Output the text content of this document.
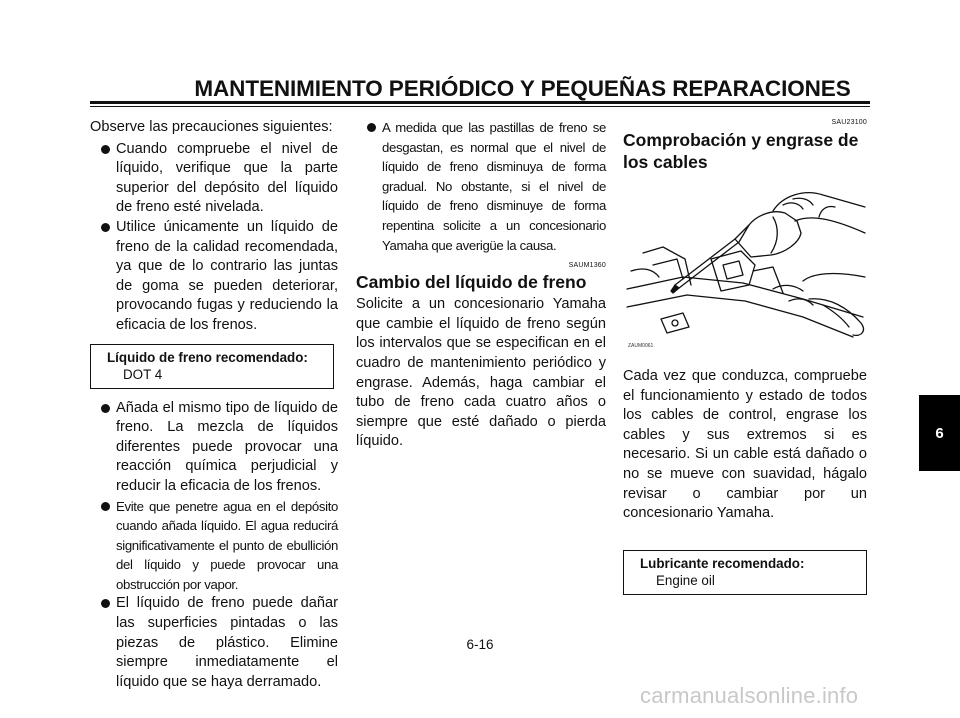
MANTENIMIENTO PERIÓDICO Y PEQUEÑAS REPARACIONES

Observe las precauciones siguientes:

Cuando compruebe el nivel de líquido, verifique que la parte superior del depósito del líquido de freno esté nivelada.

Utilice únicamente un líquido de freno de la calidad recomendada, ya que de lo contrario las juntas de goma se pueden deteriorar, provocando fugas y reduciendo la eficacia de los frenos.

Líquido de freno recomendado:
DOT 4

Añada el mismo tipo de líquido de freno. La mezcla de líquidos diferentes puede provocar una reacción química perjudicial y reducir la eficacia de los frenos.

Evite que penetre agua en el depósito cuando añada líquido. El agua reducirá significativamente el punto de ebullición del líquido y puede provocar una obstrucción por vapor.

El líquido de freno puede dañar las superficies pintadas o las piezas de plástico. Elimine siempre inmediatamente el líquido que se haya derramado.

A medida que las pastillas de freno se desgastan, es normal que el nivel de líquido de freno disminuya de forma gradual. No obstante, si el nivel de líquido de freno disminuye de forma repentina solicite a un concesionario Yamaha que averigüe la causa.

SAUM1360
Cambio del líquido de freno

Solicite a un concesionario Yamaha que cambie el líquido de freno según los intervalos que se especifican en el cuadro de mantenimiento periódico y engrase. Además, haga cambiar el tubo de freno cada cuatro años o siempre que esté dañado o pierda líquido.

SAU23100
Comprobación y engrase de los cables
ZAUM0061

Cada vez que conduzca, compruebe el funcionamiento y estado de todos los cables de control, engrase los cables y sus extremos si es necesario. Si un cable está dañado o no se mueve con suavidad, hágalo revisar o cambiar por un concesionario Yamaha.

Lubricante recomendado:
Engine oil
6
6-16
carmanualsonline.info
